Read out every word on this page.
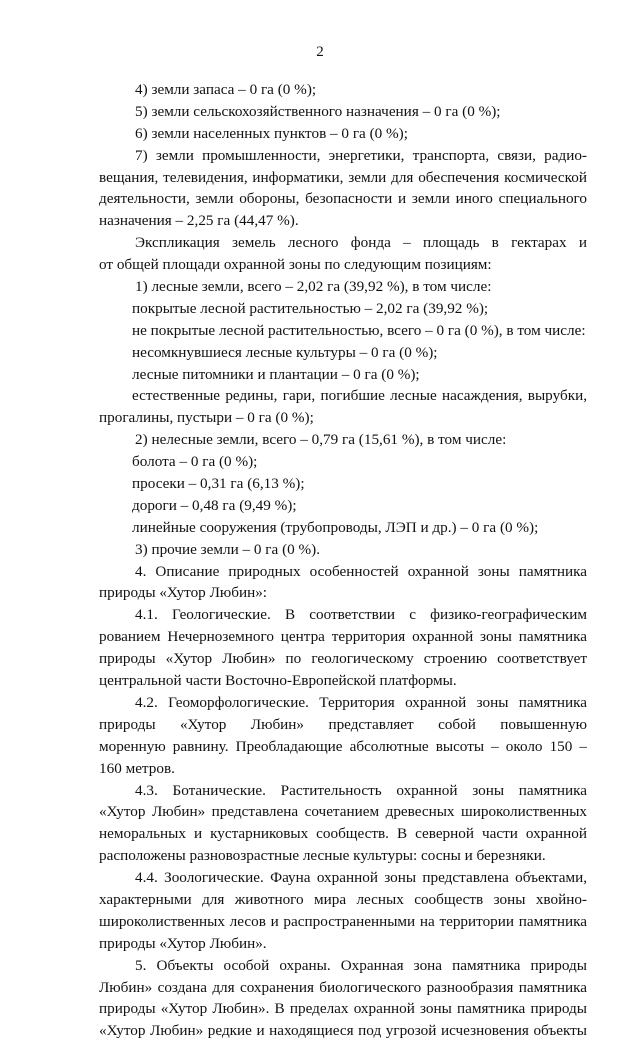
2
4) земли запаса – 0 га (0 %);
5) земли сельскохозяйственного назначения – 0 га (0 %);
6) земли населенных пунктов – 0 га (0 %);
7) земли промышленности, энергетики, транспорта, связи, радио-
вещания, телевидения, информатики, земли для обеспечения космической
деятельности, земли обороны, безопасности и земли иного специального
назначения – 2,25 га (44,47 %).
Экспликация земель лесного фонда – площадь в гектарах и
от общей площади охранной зоны по следующим позициям:
1) лесные земли, всего – 2,02 га (39,92 %), в том числе:
покрытые лесной растительностью – 2,02 га (39,92 %);
не покрытые лесной растительностью, всего – 0 га (0 %), в том числе:
несомкнувшиеся лесные культуры – 0 га (0 %);
лесные питомники и плантации – 0 га (0 %);
естественные редины, гари, погибшие лесные насаждения, вырубки,
прогалины, пустыри – 0 га (0 %);
2) нелесные земли, всего – 0,79 га (15,61 %), в том числе:
болота – 0 га (0 %);
просеки – 0,31 га (6,13 %);
дороги – 0,48 га (9,49 %);
линейные сооружения (трубопроводы, ЛЭП и др.) – 0 га (0 %);
3) прочие земли – 0 га (0 %).
4. Описание природных особенностей охранной зоны памятника
природы «Хутор Любин»:
4.1. Геологические. В соответствии с физико-географическим
рованием Нечерноземного центра территория охранной зоны памятника
природы «Хутор Любин» по геологическому строению соответствует
центральной части Восточно-Европейской платформы.
4.2. Геоморфологические. Территория охранной зоны памятника
природы «Хутор Любин» представляет собой повышенную
моренную равнину. Преобладающие абсолютные высоты – около 150 –
160 метров.
4.3. Ботанические. Растительность охранной зоны памятника
«Хутор Любин» представлена сочетанием древесных широколиственных
неморальных и кустарниковых сообществ. В северной части охранной
расположены разновозрастные лесные культуры: сосны и березняки.
4.4. Зоологические. Фауна охранной зоны представлена объектами,
характерными для животного мира лесных сообществ зоны хвойно-
широколиственных лесов и распространенными на территории памятника
природы «Хутор Любин».
5. Объекты особой охраны. Охранная зона памятника природы
Любин» создана для сохранения биологического разнообразия памятника
природы «Хутор Любин». В пределах охранной зоны памятника природы
«Хутор Любин» редкие и находящиеся под угрозой исчезновения объекты
